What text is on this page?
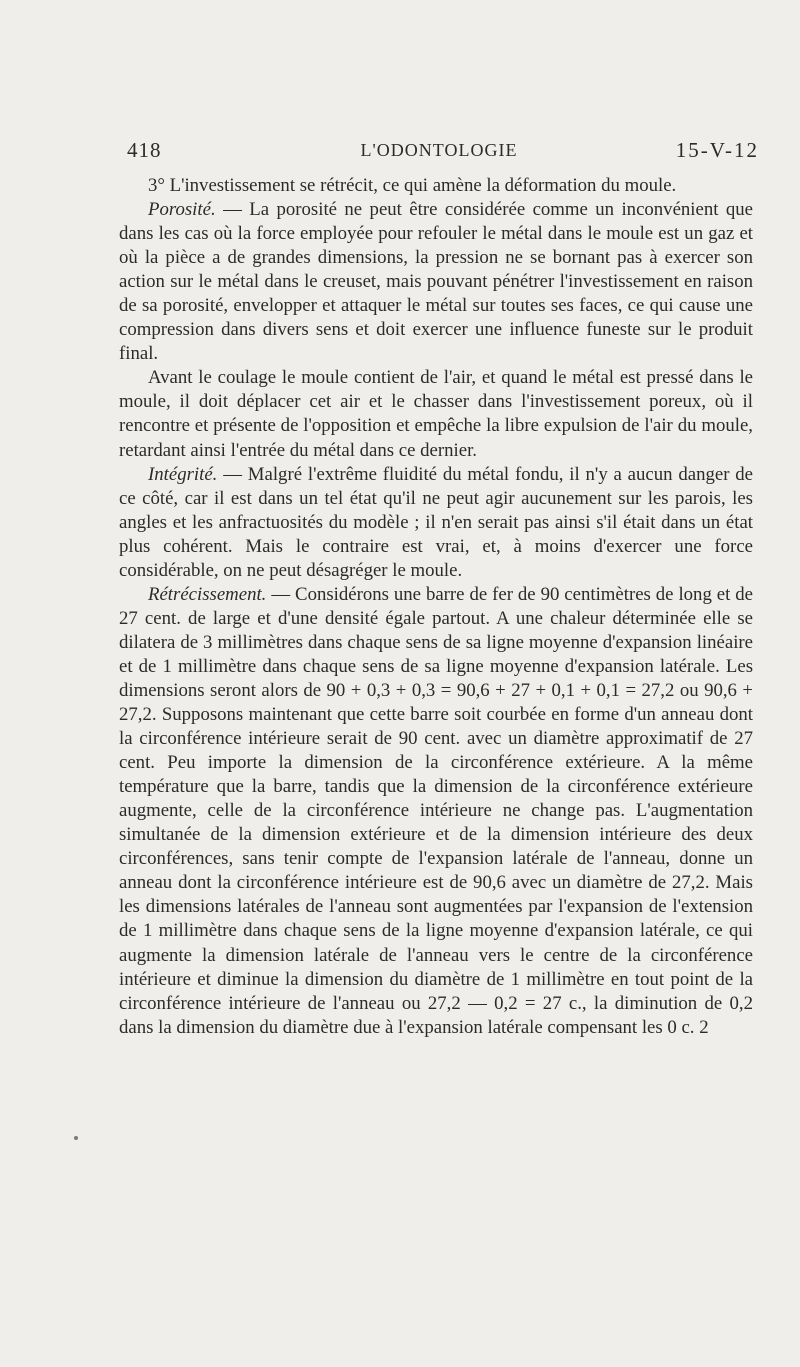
418	L'ODONTOLOGIE	15-V-12

3° L'investissement se rétrécit, ce qui amène la déformation du moule.

Porosité. — La porosité ne peut être considérée comme un inconvénient que dans les cas où la force employée pour refouler le métal dans le moule est un gaz et où la pièce a de grandes dimensions, la pression ne se bornant pas à exercer son action sur le métal dans le creuset, mais pouvant pénétrer l'investissement en raison de sa porosité, envelopper et attaquer le métal sur toutes ses faces, ce qui cause une compression dans divers sens et doit exercer une influence funeste sur le produit final.

Avant le coulage le moule contient de l'air, et quand le métal est pressé dans le moule, il doit déplacer cet air et le chasser dans l'investissement poreux, où il rencontre et présente de l'opposition et empêche la libre expulsion de l'air du moule, retardant ainsi l'entrée du métal dans ce dernier.

Intégrité. — Malgré l'extrême fluidité du métal fondu, il n'y a aucun danger de ce côté, car il est dans un tel état qu'il ne peut agir aucunement sur les parois, les angles et les anfractuosités du modèle ; il n'en serait pas ainsi s'il était dans un état plus cohérent. Mais le contraire est vrai, et, à moins d'exercer une force considérable, on ne peut désagréger le moule.

Rétrécissement. — Considérons une barre de fer de 90 centimètres de long et de 27 cent. de large et d'une densité égale partout. A une chaleur déterminée elle se dilatera de 3 millimètres dans chaque sens de sa ligne moyenne d'expansion linéaire et de 1 millimètre dans chaque sens de sa ligne moyenne d'expansion latérale. Les dimensions seront alors de 90 + 0,3 + 0,3 = 90,6 + 27 + 0,1 + 0,1 = 27,2 ou 90,6 + 27,2. Supposons maintenant que cette barre soit courbée en forme d'un anneau dont la circonférence intérieure serait de 90 cent. avec un diamètre approximatif de 27 cent. Peu importe la dimension de la circonférence extérieure. A la même température que la barre, tandis que la dimension de la circonférence extérieure augmente, celle de la circonférence intérieure ne change pas. L'augmentation simultanée de la dimension extérieure et de la dimension intérieure des deux circonférences, sans tenir compte de l'expansion latérale de l'anneau, donne un anneau dont la circonférence intérieure est de 90,6 avec un diamètre de 27,2. Mais les dimensions latérales de l'anneau sont augmentées par l'expansion de l'extension de 1 millimètre dans chaque sens de la ligne moyenne d'expansion latérale, ce qui augmente la dimension latérale de l'anneau vers le centre de la circonférence intérieure et diminue la dimension du diamètre de 1 millimètre en tout point de la circonférence intérieure de l'anneau ou 27,2 — 0,2 = 27 c., la diminution de 0,2 dans la dimension du diamètre due à l'expansion latérale compensant les 0 c. 2
